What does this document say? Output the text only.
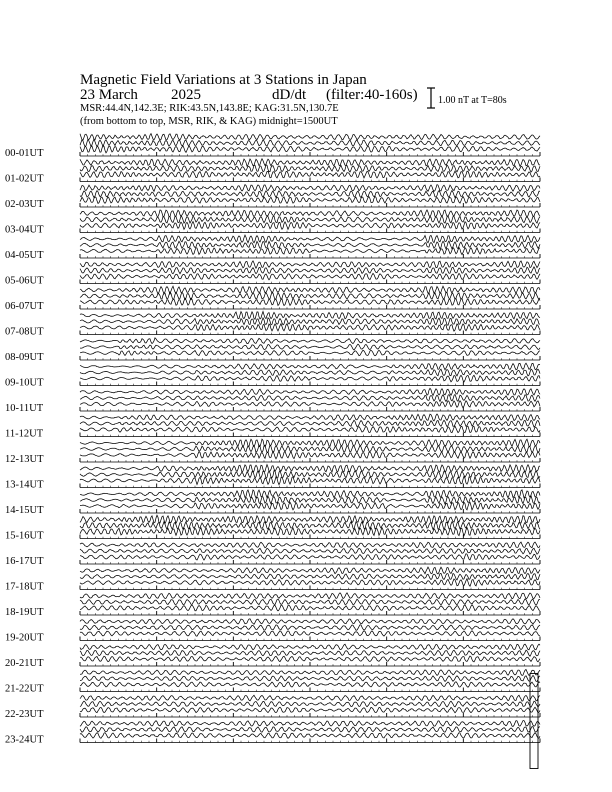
Magnetic Field Variations at 3 Stations in Japan
23 March 2025	dD/dt (filter:40-160s)
MSR:44.4N,142.3E; RIK:43.5N,143.8E; KAG:31.5N,130.7E
(from bottom to top, MSR, RIK, & KAG) midnight=1500UT
00-01UT
01-02UT
02-03UT
03-04UT
04-05UT
05-06UT
06-07UT
07-08UT
08-09UT
09-10UT
10-11UT
11-12UT
12-13UT
13-14UT
14-15UT
15-16UT
16-17UT
17-18UT
18-19UT
19-20UT
20-21UT
21-22UT
22-23UT
23-24UT
1.00 nT at T=80s
